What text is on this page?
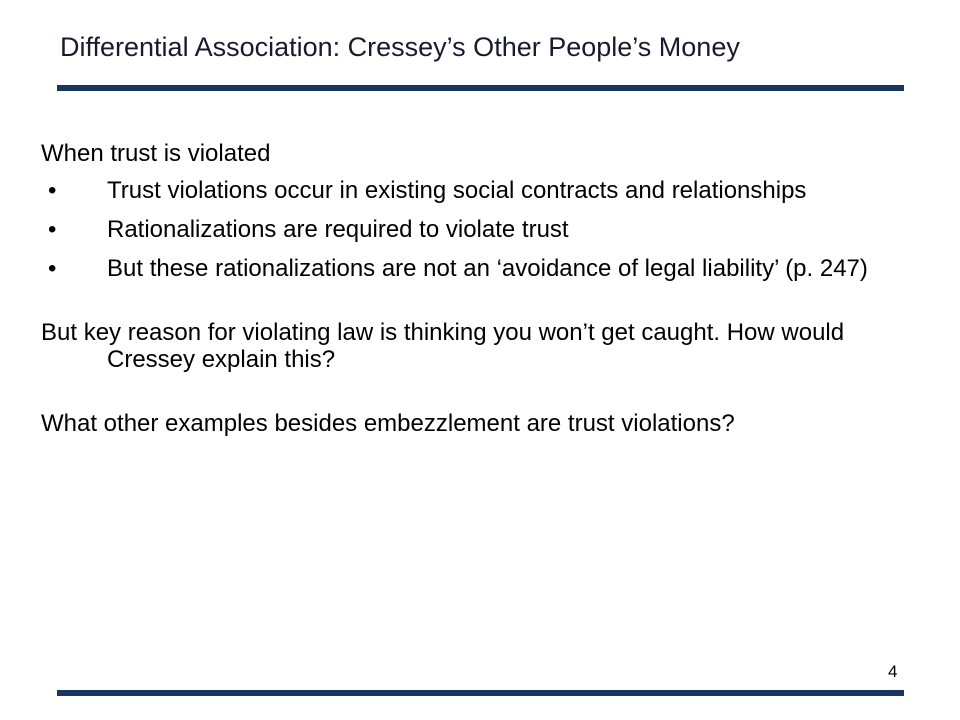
Differential Association: Cressey’s Other People’s Money

When trust is violated

• Trust violations occur in existing social contracts and relationships
• Rationalizations are required to violate trust
• But these rationalizations are not an ‘avoidance of legal liability’ (p. 247)

But key reason for violating law is thinking you won’t get caught. How would Cressey explain this?

What other examples besides embezzlement are trust violations?

4
